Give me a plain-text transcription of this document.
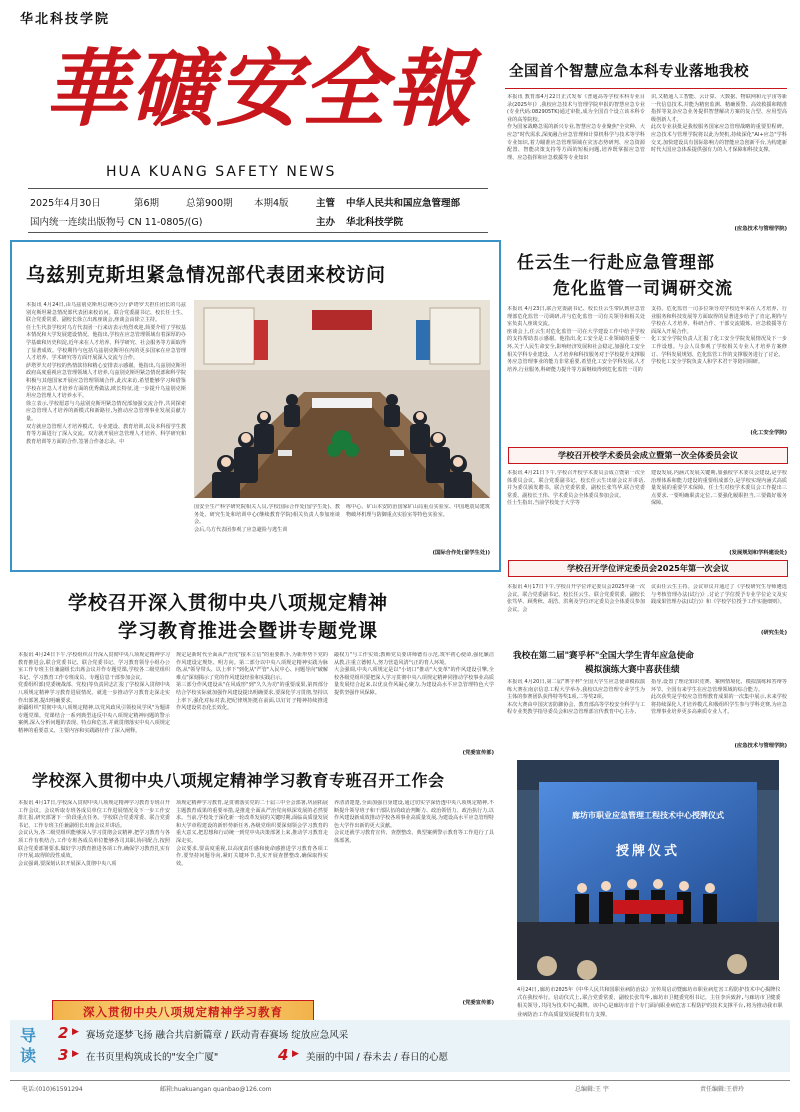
华北科技学院
華礦安全報
HUA KUANG SAFETY NEWS
2025年4月30日	第6期	总第900期 本期4版	主管 中华人民共和国应急管理部
国内统一连续出版物号 CN 11-0805/(G)	主办 华北科技学院
全国首个智慧应急本科专业落地我校
本报讯 教育部4月22日正式发布《普通高等学校本科专业目录(2025年)》,我校应急技术与管理学院申报的智慧应急专业(专业代码:082905TK)通过审批,成为全国首个设立该本科专业的高等院校。
作为国家战略急需的新兴专业,智慧应急专业聚焦"全灾种、大应急"时代需求,深度融合应急管理和计算机科学与技术等学科专业知识,着力瞄准应急管理领域在灾害态势研判、应急资源配置、智能决策支持等方面的短板问题,培养既掌握应急管理、应急指挥和应急救援等专业知识
识,又精通人工智能、云计算、大数据、物联网和元宇宙等新一代信息技术,并能为精密监测、精确预警、高效救援和精准指挥等复杂应急业务提供智慧解决方案的复合型、应用型高级创新人才。
此次专业获批是我校服务国家应急管理战略的重要里程碑。应急技术与管理学院将以此为契机,持续深化"AI+应急"学科交叉,加快建设具有国际影响力的智能应急创新平台,为构建新时代大国应急体系提供强有力的人才保障和科技支撑。
(应急技术与管理学院)
乌兹别克斯坦紧急情况部代表团来校访问
本报讯 4月24日,由乌兹别克斯坦总统办公厅萨塔罗夫担任团长的乌兹别克斯坦紧急情况部代表团来校访问。联合党委副书记、校长任士生、联合党委常委、副校长徐立出席座谈会,座谈会由徐立主持。
任士生代表学校对乌方代表团一行来访表示热烈欢迎,简要介绍了学校基本情况和大学发展建设情况。他指出,学校在应急管理领域有着深厚的办学基础和历史积淀,近年来在人才培养、科学研究、社会服务等方面取得了显著成效。学校期待与包括乌兹别克斯坦在内的更多国家在应急管理人才培养、学术研究等方面开展深入交流与合作。
萨塔罗夫对学校的热情款待和精心安排表示感谢。他指出,乌兹别克斯坦政府高度重视应急管理领域人才培养,乌兹别克斯坦紧急情况部和科学院积极与其他国家开展应急管理领域合作,此次来访,希望能够学习和借鉴学校在应急人才培养方面的优秀做法,欧长特征,进一步提升乌兹别克斯坦应急管理人才培养水平。
徐立表示,学校愿意与乌兹别克斯坦紧急情况部加强交流合作,共同探索应急管理人才培养的新模式和新路径,为推动应急管理事业发展贡献力量。
双方就应急管理人才培养模式、专业建设、教育培训,以及本科留学生教育等方面进行了深入交流。双方就开展应急管理人才培养、科学研究和教育培训等方面的合作,签署合作备忘录。中
国安全生产科学研究院相关人员,学校国际合作处(留学生处)、教务处、研究生处和培训中心(继续教育学院)相关负责人参加座谈会。
会后,乌方代表团参观了应急避险与逃生训
练中心、矿山本安防治国家矿山局重点实验室、中国地震局建筑物破坏机理与防御重点实验室等特色实验室。
(国际合作处(留学生处))
任云生一行赴应急管理部
危化监管一司调研交流
本报讯 4月23日,联合党委副书记、校长任云生带队到应急管理部危化监管一司调研,并与危化监管一司有关领导和相关处室负责人座谈交流。
座谈会上,任云生对危化监管一司在大学建设工作中给予学校的支持帮助表示感谢。他指出,化工安全是工业领域的重要一环,关于人民生命安全,影响经济发展和社会稳定,加强化工安全相关学科专业建设、人才培养和科技服务对于学校提升支撑服务应急管理事业的能力非常重要,希望化工安全学科发展,人才培养,行业服务,科研能力提升等方面继续得到危化监管一司的
支持。危化监管一司多位领导对学校近年来在人才培养、行业服务和科技发展等方面取得的显著进步给予了肯定,期待与学校在人才培养、科研合作、干部交流锻炼、应急救援等方面深入开展合作。
化工安全学院负责人汇报了化工安全学院发展情况及下一步工作设想。与会人员参观了学校相关专业人才培养方案修订、学科发展规划、危化监管工作的支撑服务进行了讨论。
学校化工安全学院负责人和学术君干等陪同调研。
(化工安全学院)
学校召开校学术委员会成立暨第一次全体委员会议
本报讯 4月21日下午,学校召开校学术委员会成立暨第一次全体委员会议。联合党委副书记、校长任云生出席会议并讲话,并为委员颁发聘书。联合党委常委、副校长张笃华,联合党委常委、副校长王伟、学术委员会全体委员参加会议。
任士生指出,当前学校处于大学等
建设发展,内涵式发展关键期,加强校学术委员会建设,是学校治理体系和能力建设的重要组成部分,是学校实现内涵式高质量发展的重要学术保障。任士生对校学术委员会工作提出三点要求,一要明确职责定位,二要强化履职担当,三要做好服务保障。
(发展规划和学科建设处)
学校召开学位评定委员会2025年第一次会议
本报讯 4月17日下午,学校召开学位评定委员会2025年第一次会议。联合党委副书记、校长任云生、联合党委常委、副校长张笃华、顾秀秋、胡浩、洪利及学位评定委员会全体委员参加会议。会
议由任云生主持。会议审议并通过了《学校研究生导师遴选与考核管理办法(试行)》,讨论了学位授予专业学位论文及实践成果管理办法(试行)》和《学校学位授予工作实施细则》。
(研究生处)
我校在第二届"赛乎杯"全国大学生青年应急使命
模拟演练大赛中喜获佳绩
本报讯 4月20日,第二届"赛乎杯"全国大学生应急使命模拟演练大赛在南京信息工程大学举办,我校以应急管理专业学生为主体的参赛团队获得特等奖1项,二等奖2项。
本次大赛由中国灾害防御协会、教育部高等学校安全科学与工程专业类教学指导委员会和应急管理部宣传教育中心主办,
指导,设置了理论知识竞赛、案例情境化、模拟演练和答辩等环节。全国有来学生在应急管理领域的综合能力。
此次获奖是学校应急管理教育成果的一次集中展示,未来学校将持续深化人才培养模式,积极组织学生参与学科竞赛,为应急管理事业培养更多高素质专业人才。
(应急技术与管理学院)
学校召开深入贯彻中央八项规定精神
学习教育推进会暨讲专题党课
本报讯 4月24日下午,学校组织召开深入贯彻中央八项规定精神学习教育推进会,联合党委书记、联合党委书记、学习教育领导小组办公室工作专班主任兼副组长出席会议并作专题党课,学校各二级党组织书记、学习教育工作专班成员、专题信息干部参加会议。
党委组织部(党委统战部、党校)等负责同志汇报了学校深入贯彻中央八项规定精神学习教育进展情况。就进一步推动学习教育走深走实作出部署,提出明确要求。
新疆组织"贯彻中央八项规定精神,以党风政风引领校风学风"为题讲专题党课。党课结合一系列典型违反中央八项规定精神问题的警示案例,深入分析问题的表现、特点和危害,并就贯彻落实中央八项规定精神的重要意义、主要内容和实践路径作了深入阐释。
规定是新时代全面从严治党"接本立信"的重要抓手,为新形势下党的作风建设定规矩、明方向。第二部分以中央八项规定精神实践为脉络,从"领导带头、以上率下"到化从"严管"入民中心、问题导向"破解难点"深刻揭示了党的作风建设经验和实践启示。
第三部分作风建设从"在风成形"到"久久为功"的重要成果,第四部分结合学校实际就加强作风建设提出明确要求,要深化学习贯彻,坚持以上率下,强化对标对表,把纪律规矩挺在前面,以钉钉子精神持续推进作风建设常态化长效化。
敲权力"与工作实效;教师党员要讲师德有示范,筑牢初心使命,强化廉洁从教,注重立德树人,努力营造风清气正的育人环境。
大会强调,中央八项规定是以"小切口"推动"大变革"的作风建设引擎,全校各级党组织要把深入学习贯彻中央八项规定精神同推动学校事业高质量发展结合起来,以优良作风凝心聚力,为建设高水平应急管理特色大学提供坚强作风保障。
(党委宣传部)
学校深入贯彻中央八项规定精神学习教育专班召开工作会
本报讯 4月17日,学校深入贯彻中央八项规定精神学习教育专班召开工作会议。会议听取专班各成员单位工作进展情况及下一步工作安排汇报,研究部署下一阶段重点任务。学校联合党委常委、联合党委书记、工作专班主任兼副组长出席会议并讲话。
会议认为,各二级党组织能够深入学习贯彻会议精神,把学习教育与各项工作有机结合,工作专班各成员单位能够各司其职,协同配合,按照联合党委部署要求,做好学习教育推进各项工作,确保学习教育扎实有序开展,取得阶段性成效。
会议强调,要深刻认识开展深入贯彻中央八项
项规定精神学习教育,是贯彻落实党的二十届三中全会部署,巩固拓展主题教育成果的重要举措,是推进全面从严治党向纵深发展的必然要求。当前,学校处于深化新一轮改革发展的关键时期,面临高质量发展和大学章程建设的新形势新任务,各级党组织要深刻领会学习教育的重大意义,把思想和行动统一到党中央决策部署上来,推动学习教育走深走实。
会议要求,要高度重视,以高度责任感和使命感推进学习教育各项工作,要坚持问题导向,紧盯关键环节,扎实开展查摆整改,确保取得实效。
养清清楚楚,全面加强自身建设,通过切实学深悟透中央八项规定精神,不断提升领导班子和干部队伍的政治判断力、政治领悟力、政治执行力,以作风建设新成效推动学校各项事业高质量发展,为建设高水平应急管理特色大学作出新的更大贡献。
会议还就学习教育宣传、查摆整改、典型案例警示教育等工作进行了具体部署。
(党委宣传部)
深入贯彻中央八项规定精神学习教育
廊坊市职业应急管理工程技术中心授牌仪式
授牌仪式
4月24日,廊坊市2025年《中华人民共和国职业病防治法》宣传周启动暨廊坊市职业病危害工程防护技术中心揭牌仪式在我校举行。启动仪式上,联合党委常委、副校长张笃华,廊坊市卫健委党组书记、主任李兵致辞,与廊坊市卫健委相关领导,共同为技术中心揭牌。该中心是廊坊市首个专门面向职业病危害工程防护的技术支撑平台,将为推动我市职业病防治工作高质量发展提供有力支撑。
导读
2 ▶ 赛场竞逐梦飞扬 融合共启新篇章 / 跃动青春赛场 绽放应急风采
3 ▶ 在书页里构筑成长的"安全广厦"	4 ▶ 美丽的中国 / 春未去 / 春日的心愿
电话:(010)61591294	邮箱:huakuangan quanbao@126.com	总编辑:王 宇	责任编辑:王蓓玲
